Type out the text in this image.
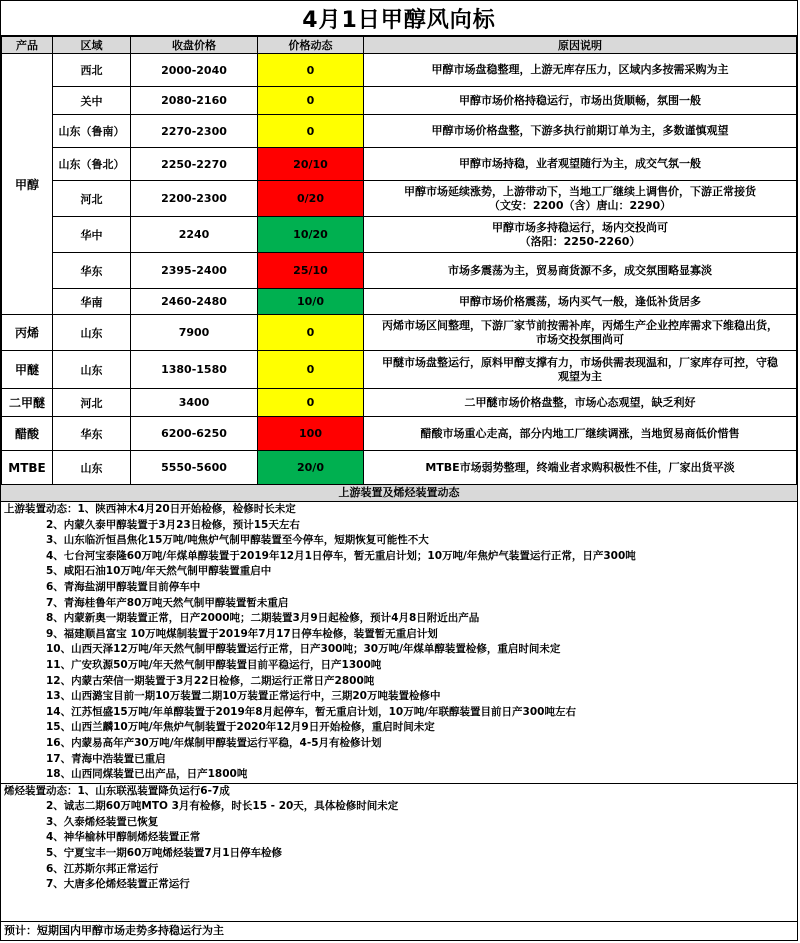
4月1日甲醇风向标
产品	区域	收盘价格	价格动态	原因说明
甲醇	西北	2000-2040	0	甲醇市场盘稳整理，上游无库存压力，区域内多按需采购为主

	关中	2080-2160	0	甲醇市场价格持稳运行，市场出货顺畅，氛围一般

	山东（鲁南）	2270-2300	0	甲醇市场价格盘整，下游多执行前期订单为主，多数谨慎观望

	山东（鲁北）	2250-2270	20/10	甲醇市场持稳，业者观望随行为主，成交气氛一般

	河北	2200-2300	0/20	甲醇市场延续涨势，上游带动下，当地工厂继续上调售价，下游正常接货
（文安：2200（含）唐山：2290）

	华中	2240	10/20	甲醇市场多持稳运行，场内交投尚可
（洛阳：2250-2260）

	华东	2395-2400	25/10	市场多震荡为主，贸易商货源不多，成交氛围略显寡淡

	华南	2460-2480	10/0	甲醇市场价格震荡，场内买气一般，逢低补货居多

丙烯	山东	7900	0	丙烯市场区间整理，下游厂家节前按需补库，丙烯生产企业控库需求下维稳出货，
市场交投氛围尚可

甲醚	山东	1380-1580	0	甲醚市场盘整运行，原料甲醇支撑有力，市场供需表现温和，厂家库存可控，守稳
观望为主

二甲醚	河北	3400	0	二甲醚市场价格盘整，市场心态观望，缺乏利好

醋酸	华东	6200-6250	100	醋酸市场重心走高，部分内地工厂继续调涨，当地贸易商低价惜售

MTBE	山东	5550-5600	20/0	MTBE市场弱势整理，终端业者求购积极性不佳，厂家出货平淡
上游装置及烯烃装置动态
上游装置动态：1、陕西神木4月20日开始检修，检修时长未定
2、内蒙久泰甲醇装置于3月23日检修，预计15天左右
3、山东临沂恒昌焦化15万吨/吨焦炉气制甲醇装置至今停车，短期恢复可能性不大
4、七台河宝泰隆60万吨/年煤单醇装置于2019年12月1日停车，暂无重启计划；10万吨/年焦炉气装置运行正常，日产300吨
5、咸阳石油10万吨/年天然气制甲醇装置重启中
6、青海盐湖甲醇装置目前停车中
7、青海桂鲁年产80万吨天然气制甲醇装置暂未重启
8、内蒙新奥一期装置正常，日产2000吨；二期装置3月9日起检修，预计4月8日附近出产品
9、福建顺昌富宝 10万吨煤制装置于2019年7月17日停车检修，装置暂无重启计划
10、山西天泽12万吨/年天然气制甲醇装置运行正常，日产300吨；30万吨/年煤单醇装置检修，重启时间未定
11、广安玖源50万吨/年天然气制甲醇装置目前平稳运行，日产1300吨
12、内蒙古荣信一期装置于3月22日检修，二期运行正常日产2800吨
13、山西潞宝目前一期10万装置二期10万装置正常运行中，三期20万吨装置检修中
14、江苏恒盛15万吨/年单醇装置于2019年8月起停车，暂无重启计划，10万吨/年联醇装置目前日产300吨左右
15、山西兰麟10万吨/年焦炉气制装置于2020年12月9日开始检修，重启时间未定
16、内蒙易高年产30万吨/年煤制甲醇装置运行平稳，4-5月有检修计划
17、青海中浩装置已重启
18、山西同煤装置已出产品，日产1800吨
烯烃装置动态：1、山东联泓装置降负运行6-7成
2、诚志二期60万吨MTO 3月有检修，时长15 - 20天，具体检修时间未定
3、久泰烯烃装置已恢复
4、神华榆林甲醇制烯烃装置正常
5、宁夏宝丰一期60万吨烯烃装置7月1日停车检修
6、江苏斯尔邦正常运行
7、大唐多伦烯烃装置正常运行
预计：短期国内甲醇市场走势多持稳运行为主
